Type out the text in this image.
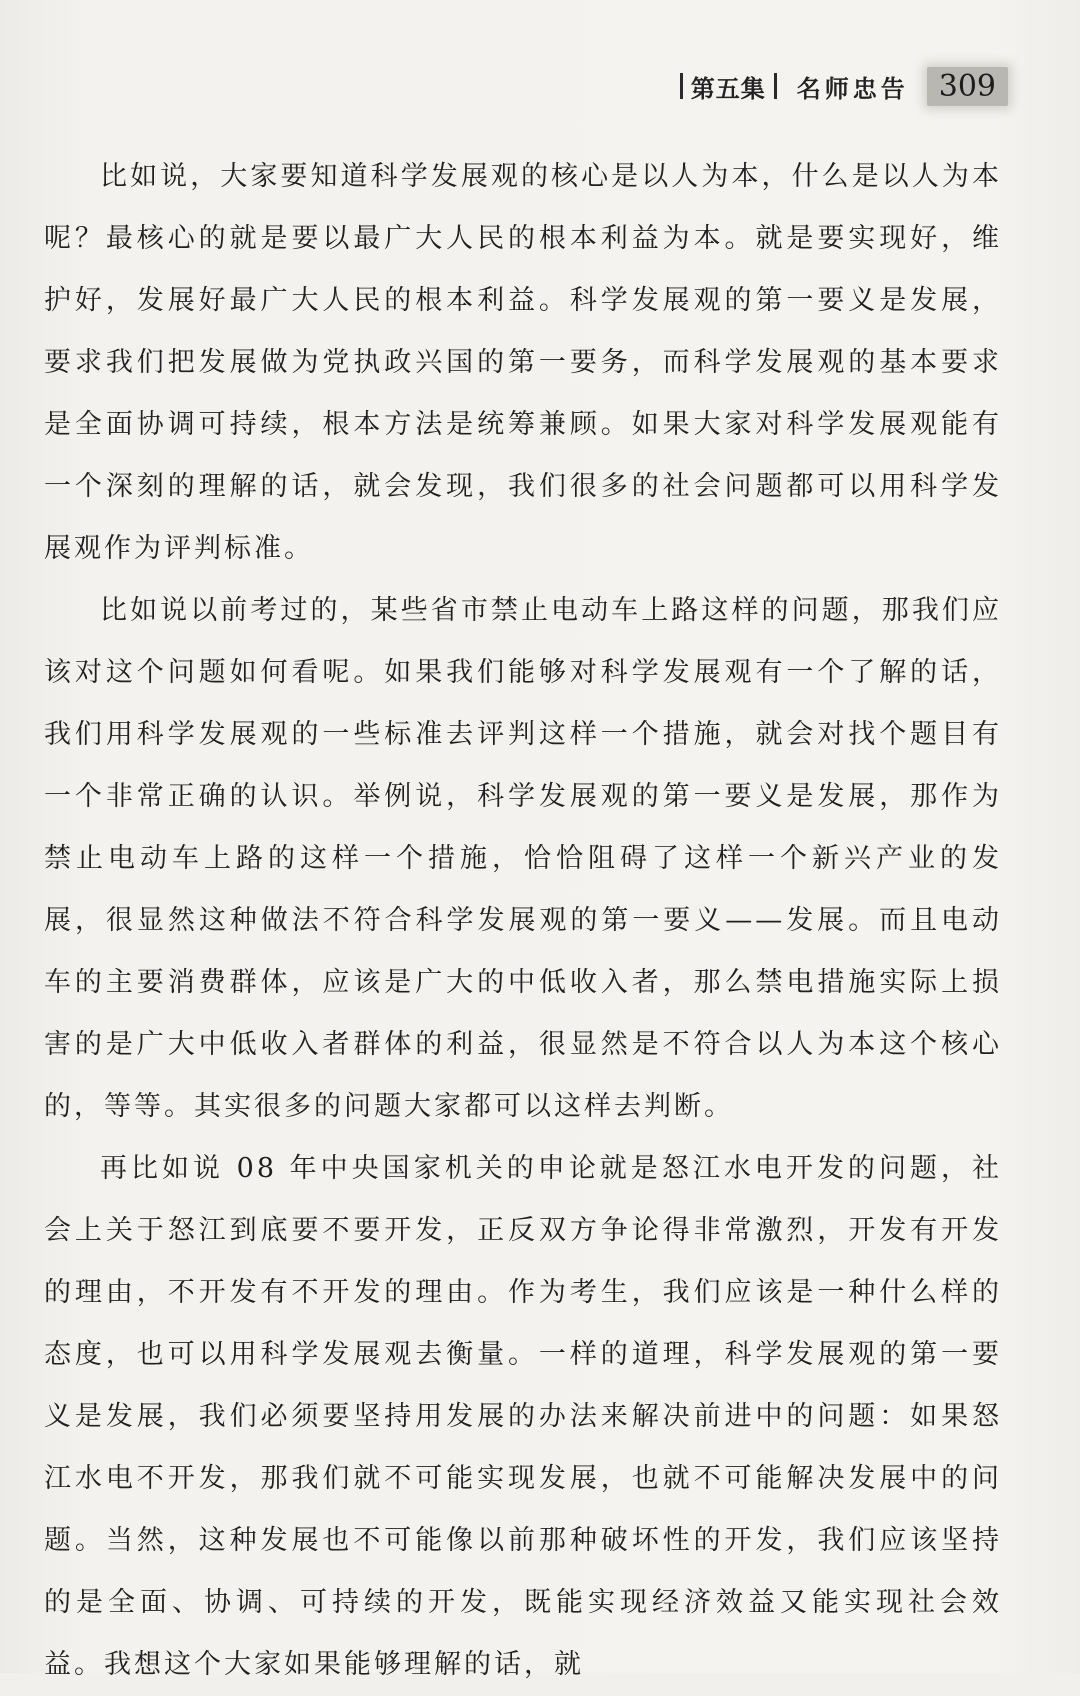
第五集 名师忠告	309

比如说，大家要知道科学发展观的核心是以人为本，什么是以人为本呢？最核心的就是要以最广大人民的根本利益为本。就是要实现好，维护好，发展好最广大人民的根本利益。科学发展观的第一要义是发展，要求我们把发展做为党执政兴国的第一要务，而科学发展观的基本要求是全面协调可持续，根本方法是统筹兼顾。如果大家对科学发展观能有一个深刻的理解的话，就会发现，我们很多的社会问题都可以用科学发展观作为评判标准。

比如说以前考过的，某些省市禁止电动车上路这样的问题，那我们应该对这个问题如何看呢。如果我们能够对科学发展观有一个了解的话，我们用科学发展观的一些标准去评判这样一个措施，就会对找个题目有一个非常正确的认识。举例说，科学发展观的第一要义是发展，那作为禁止电动车上路的这样一个措施，恰恰阻碍了这样一个新兴产业的发展，很显然这种做法不符合科学发展观的第一要义——发展。而且电动车的主要消费群体，应该是广大的中低收入者，那么禁电措施实际上损害的是广大中低收入者群体的利益，很显然是不符合以人为本这个核心的，等等。其实很多的问题大家都可以这样去判断。

再比如说 08 年中央国家机关的申论就是怒江水电开发的问题，社会上关于怒江到底要不要开发，正反双方争论得非常激烈，开发有开发的理由，不开发有不开发的理由。作为考生，我们应该是一种什么样的态度，也可以用科学发展观去衡量。一样的道理，科学发展观的第一要义是发展，我们必须要坚持用发展的办法来解决前进中的问题：如果怒江水电不开发，那我们就不可能实现发展，也就不可能解决发展中的问题。当然，这种发展也不可能像以前那种破坏性的开发，我们应该坚持的是全面、协调、可持续的开发，既能实现经济效益又能实现社会效益。我想这个大家如果能够理解的话，就
